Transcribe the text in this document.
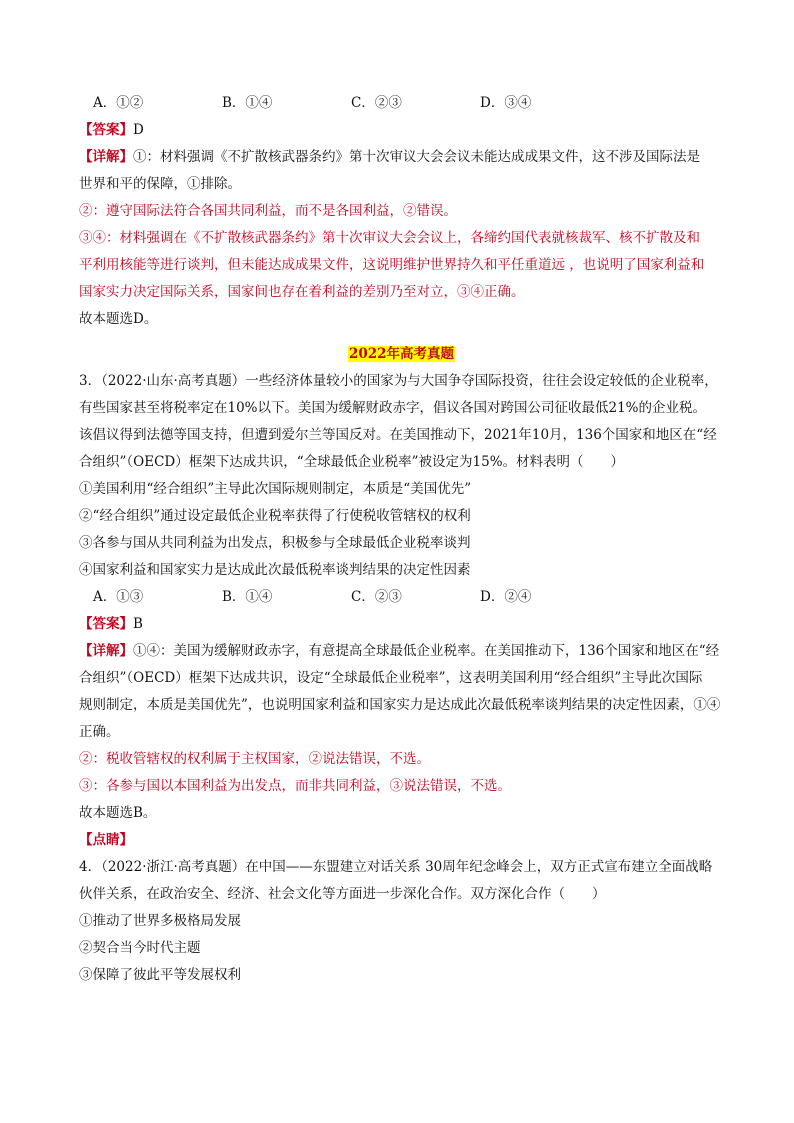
A．①②	B．①④	C．②③	D．③④
【答案】D
【详解】①：材料强调《不扩散核武器条约》第十次审议大会会议未能达成成果文件，这不涉及国际法是
世界和平的保障，①排除。
②：遵守国际法符合各国共同利益，而不是各国利益，②错误。
③④：材料强调在《不扩散核武器条约》第十次审议大会会议上，各缔约国代表就核裁军、核不扩散及和
平利用核能等进行谈判，但未能达成成果文件，这说明维护世界持久和平任重道远 ，也说明了国家利益和
国家实力决定国际关系，国家间也存在着利益的差别乃至对立，③④正确。
故本题选D。
2022年高考真题
3．（2022·山东·高考真题）一些经济体量较小的国家为与大国争夺国际投资，往往会设定较低的企业税率，
有些国家甚至将税率定在10%以下。美国为缓解财政赤字，倡议各国对跨国公司征收最低21%的企业税。
该倡议得到法德等国支持，但遭到爱尔兰等国反对。在美国推动下，2021年10月，136个国家和地区在“经
合组织”（OECD）框架下达成共识，“全球最低企业税率”被设定为15%。材料表明（　　）
①美国利用“经合组织”主导此次国际规则制定，本质是“美国优先”
②“经合组织”通过设定最低企业税率获得了行使税收管辖权的权利
③各参与国从共同利益为出发点，积极参与全球最低企业税率谈判
④国家利益和国家实力是达成此次最低税率谈判结果的决定性因素
A．①③	B．①④	C．②③	D．②④
【答案】B
【详解】①④：美国为缓解财政赤字，有意提高全球最低企业税率。在美国推动下，136个国家和地区在“经
合组织”（OECD）框架下达成共识，设定“全球最低企业税率”，这表明美国利用“经合组织”主导此次国际
规则制定，本质是美国优先”，也说明国家利益和国家实力是达成此次最低税率谈判结果的决定性因素，①④
正确。
②：税收管辖权的权利属于主权国家，②说法错误，不选。
③：各参与国以本国利益为出发点，而非共同利益，③说法错误，不选。
故本题选B。
【点睛】
4．（2022·浙江·高考真题）在中国——东盟建立对话关系 30周年纪念峰会上，双方正式宣布建立全面战略
伙伴关系，在政治安全、经济、社会文化等方面进一步深化合作。双方深化合作（　　）
①推动了世界多极格局发展
②契合当今时代主题
③保障了彼此平等发展权利
